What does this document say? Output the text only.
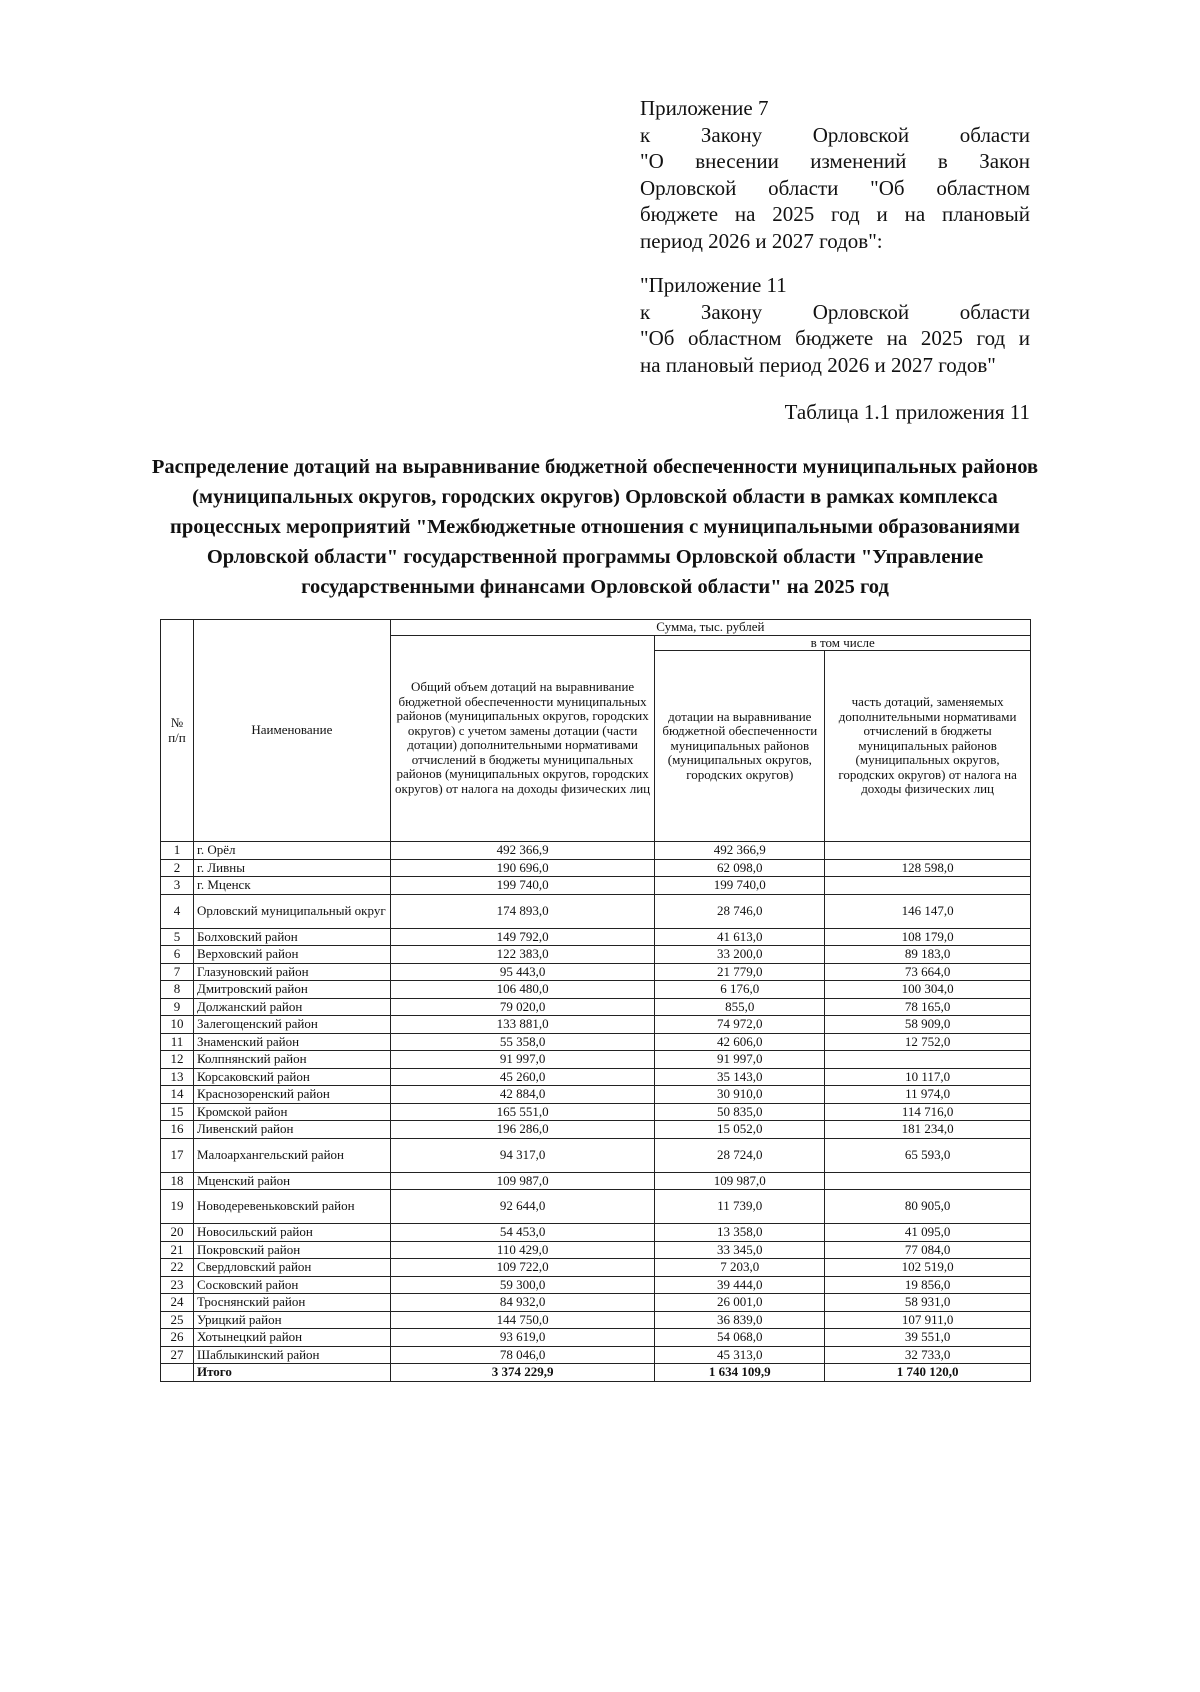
Приложение 7

к Закону Орловской области

"О внесении изменений в Закон

Орловской области "Об областном

бюджете на 2025 год и на плановый

период 2026 и 2027 годов":

"Приложение 11

к Закону Орловской области

"Об областном бюджете на 2025 год и

на плановый период 2026 и 2027 годов"

Таблица 1.1 приложения 11
Распределение дотаций на выравнивание бюджетной обеспеченности муниципальных районов (муниципальных округов, городских округов) Орловской области в рамках комплекса процессных мероприятий "Межбюджетные отношения с муниципальными образованиями Орловской области" государственной программы Орловской области "Управление государственными финансами Орловской области" на 2025 год
№ п/п	Наименование	Сумма, тыс. рублей		
		Общий объем дотаций на выравнивание бюджетной обеспеченности муниципальных районов (муниципальных округов, городских округов) с учетом замены дотации (части дотации) дополнительными нормативами отчислений в бюджеты муниципальных районов (муниципальных округов, городских округов) от налога на доходы физических лиц	в том числе	
			дотации на выравнивание бюджетной обеспеченности муниципальных районов (муниципальных округов, городских округов)	часть дотаций, заменяемых дополнительными нормативами отчислений в бюджеты муниципальных районов (муниципальных округов, городских округов) от налога на доходы физических лиц
1	г. Орёл	492 366,9	492 366,9	
2	г. Ливны	190 696,0	62 098,0	128 598,0
3	г. Мценск	199 740,0	199 740,0	
4	Орловский муниципальный округ	174 893,0	28 746,0	146 147,0
5	Болховский район	149 792,0	41 613,0	108 179,0
6	Верховский район	122 383,0	33 200,0	89 183,0
7	Глазуновский район	95 443,0	21 779,0	73 664,0
8	Дмитровский район	106 480,0	6 176,0	100 304,0
9	Должанский район	79 020,0	855,0	78 165,0
10	Залегощенский район	133 881,0	74 972,0	58 909,0
11	Знаменский район	55 358,0	42 606,0	12 752,0
12	Колпнянский район	91 997,0	91 997,0	
13	Корсаковский район	45 260,0	35 143,0	10 117,0
14	Краснозоренский район	42 884,0	30 910,0	11 974,0
15	Кромской район	165 551,0	50 835,0	114 716,0
16	Ливенский район	196 286,0	15 052,0	181 234,0
17	Малоархангельский район	94 317,0	28 724,0	65 593,0
18	Мценский район	109 987,0	109 987,0	
19	Новодеревеньковский район	92 644,0	11 739,0	80 905,0
20	Новосильский район	54 453,0	13 358,0	41 095,0
21	Покровский район	110 429,0	33 345,0	77 084,0
22	Свердловский район	109 722,0	7 203,0	102 519,0
23	Сосковский район	59 300,0	39 444,0	19 856,0
24	Троснянский район	84 932,0	26 001,0	58 931,0
25	Урицкий район	144 750,0	36 839,0	107 911,0
26	Хотынецкий район	93 619,0	54 068,0	39 551,0
27	Шаблыкинский район	78 046,0	45 313,0	32 733,0
	Итого	3 374 229,9	1 634 109,9	1 740 120,0
